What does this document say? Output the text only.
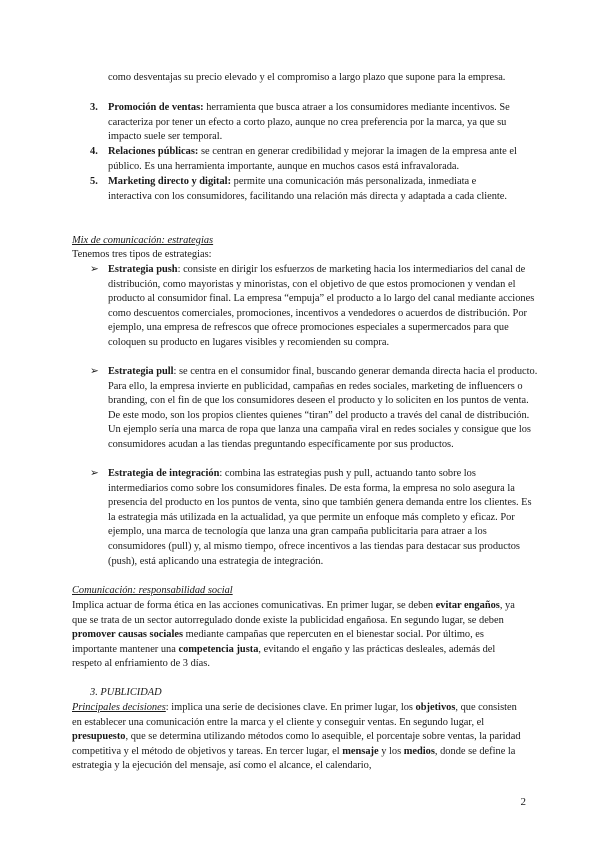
como desventajas su precio elevado y el compromiso a largo plazo que supone para la empresa.

3. Promoción de ventas: herramienta que busca atraer a los consumidores mediante incentivos. Se caracteriza por tener un efecto a corto plazo, aunque no crea preferencia por la marca, ya que su impacto suele ser temporal.

4. Relaciones públicas: se centran en generar credibilidad y mejorar la imagen de la empresa ante el público. Es una herramienta importante, aunque en muchos casos está infravalorada.

5. Marketing directo y digital: permite una comunicación más personalizada, inmediata e interactiva con los consumidores, facilitando una relación más directa y adaptada a cada cliente.

Mix de comunicación: estrategias

Tenemos tres tipos de estrategias:

➢ Estrategia push: consiste en dirigir los esfuerzos de marketing hacia los intermediarios del canal de distribución, como mayoristas y minoristas, con el objetivo de que estos promocionen y vendan el producto al consumidor final. La empresa “empuja” el producto a lo largo del canal mediante acciones como descuentos comerciales, promociones, incentivos a vendedores o acuerdos de distribución. Por ejemplo, una empresa de refrescos que ofrece promociones especiales a supermercados para que coloquen su producto en lugares visibles y recomienden su compra.

➢ Estrategia pull: se centra en el consumidor final, buscando generar demanda directa hacia el producto. Para ello, la empresa invierte en publicidad, campañas en redes sociales, marketing de influencers o branding, con el fin de que los consumidores deseen el producto y lo soliciten en los puntos de venta. De este modo, son los propios clientes quienes “tiran” del producto a través del canal de distribución. Un ejemplo sería una marca de ropa que lanza una campaña viral en redes sociales y consigue que los consumidores acudan a las tiendas preguntando específicamente por sus productos.

➢ Estrategia de integración: combina las estrategias push y pull, actuando tanto sobre los intermediarios como sobre los consumidores finales. De esta forma, la empresa no solo asegura la presencia del producto en los puntos de venta, sino que también genera demanda entre los clientes. Es la estrategia más utilizada en la actualidad, ya que permite un enfoque más completo y eficaz. Por ejemplo, una marca de tecnología que lanza una gran campaña publicitaria para atraer a los consumidores (pull) y, al mismo tiempo, ofrece incentivos a las tiendas para destacar sus productos (push), está aplicando una estrategia de integración.

Comunicación: responsabilidad social

Implica actuar de forma ética en las acciones comunicativas. En primer lugar, se deben evitar engaños, ya que se trata de un sector autorregulado donde existe la publicidad engañosa. En segundo lugar, se deben promover causas sociales mediante campañas que repercuten en el bienestar social. Por último, es importante mantener una competencia justa, evitando el engaño y las prácticas desleales, además del respeto al enfriamiento de 3 días.

3. PUBLICIDAD

Principales decisiones: implica una serie de decisiones clave. En primer lugar, los objetivos, que consisten en establecer una comunicación entre la marca y el cliente y conseguir ventas. En segundo lugar, el presupuesto, que se determina utilizando métodos como lo asequible, el porcentaje sobre ventas, la paridad competitiva y el método de objetivos y tareas. En tercer lugar, el mensaje y los medios, donde se define la estrategia y la ejecución del mensaje, así como el alcance, el calendario,

2
